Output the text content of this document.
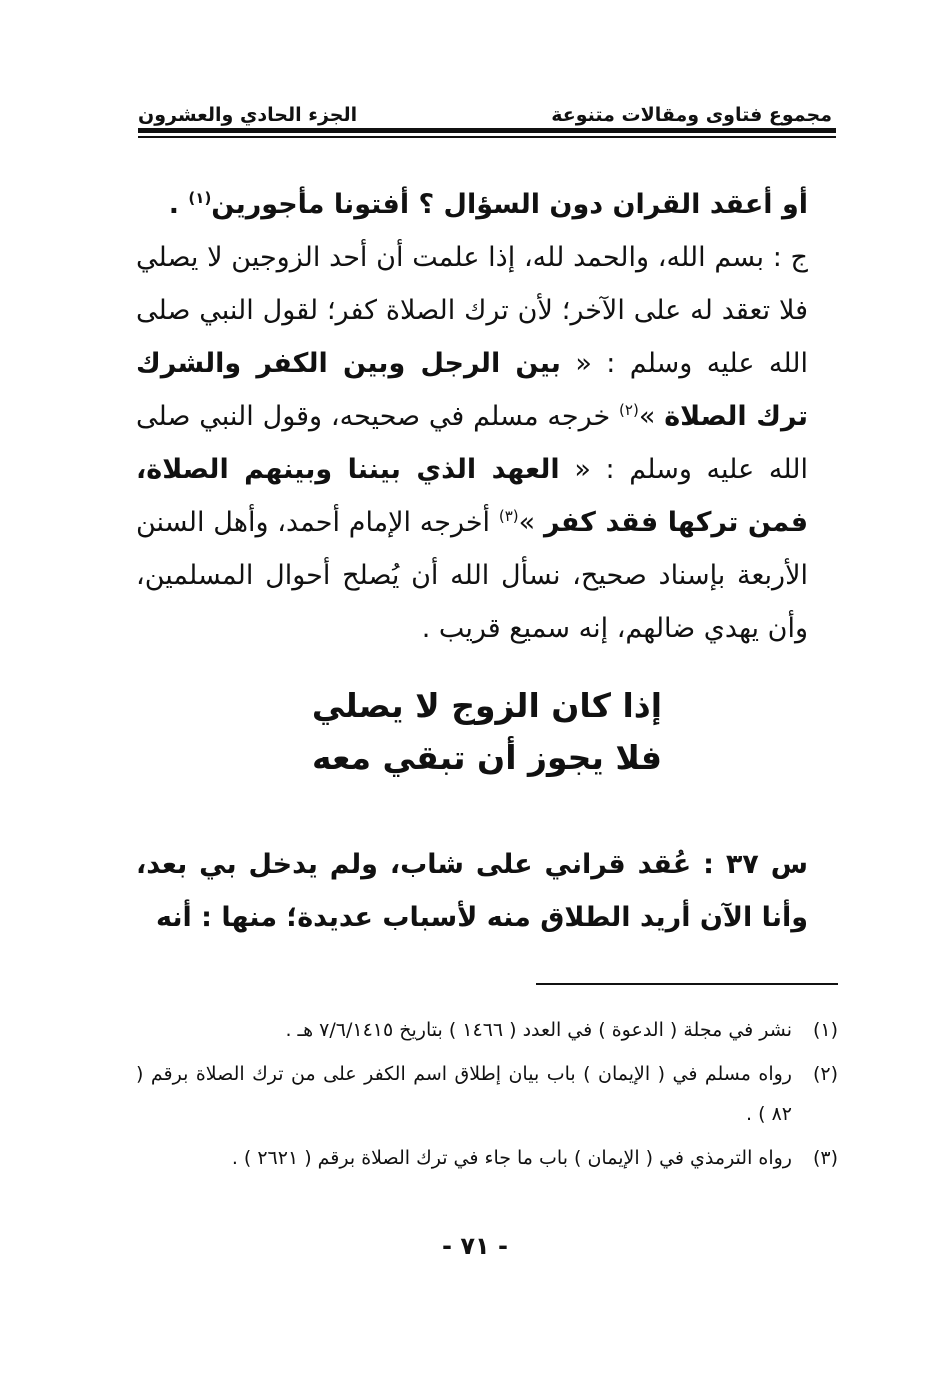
مجموع فتاوى ومقالات متنوعة
الجزء الحادي والعشرون

أو أعقد القران دون السؤال ؟ أفتونا مأجورين$^{(١)}$ .

ج : بسم الله، والحمد لله، إذا علمت أن أحد الزوجين لا يصلي فلا تعقد له على الآخر؛ لأن ترك الصلاة كفر؛ لقول النبي صلى الله عليه وسلم : « بين الرجل وبين الكفر والشرك ترك الصلاة »$^{(٢)}$ خرجه مسلم في صحيحه، وقول النبي صلى الله عليه وسلم : « العهد الذي بيننا وبينهم الصلاة، فمن تركها فقد كفر »$^{(٣)}$ أخرجه الإمام أحمد، وأهل السنن الأربعة بإسناد صحيح، نسأل الله أن يُصلح أحوال المسلمين، وأن يهدي ضالهم، إنه سميع قريب .

إذا كان الزوج لا يصلي
فلا يجوز أن تبقي معه

س ٣٧ : عُقد قراني على شاب، ولم يدخل بي بعد، وأنا الآن أريد الطلاق منه لأسباب عديدة؛ منها : أنه

(١)
نشر في مجلة ( الدعوة ) في العدد ( ١٤٦٦ ) بتاريخ ٧/٦/١٤١٥ هـ .
(٢)
رواه مسلم في ( الإيمان ) باب بيان إطلاق اسم الكفر على من ترك الصلاة برقم ( ٨٢ ) .
(٣)
رواه الترمذي في ( الإيمان ) باب ما جاء في ترك الصلاة برقم ( ٢٦٢١ ) .
- ٧١ -
